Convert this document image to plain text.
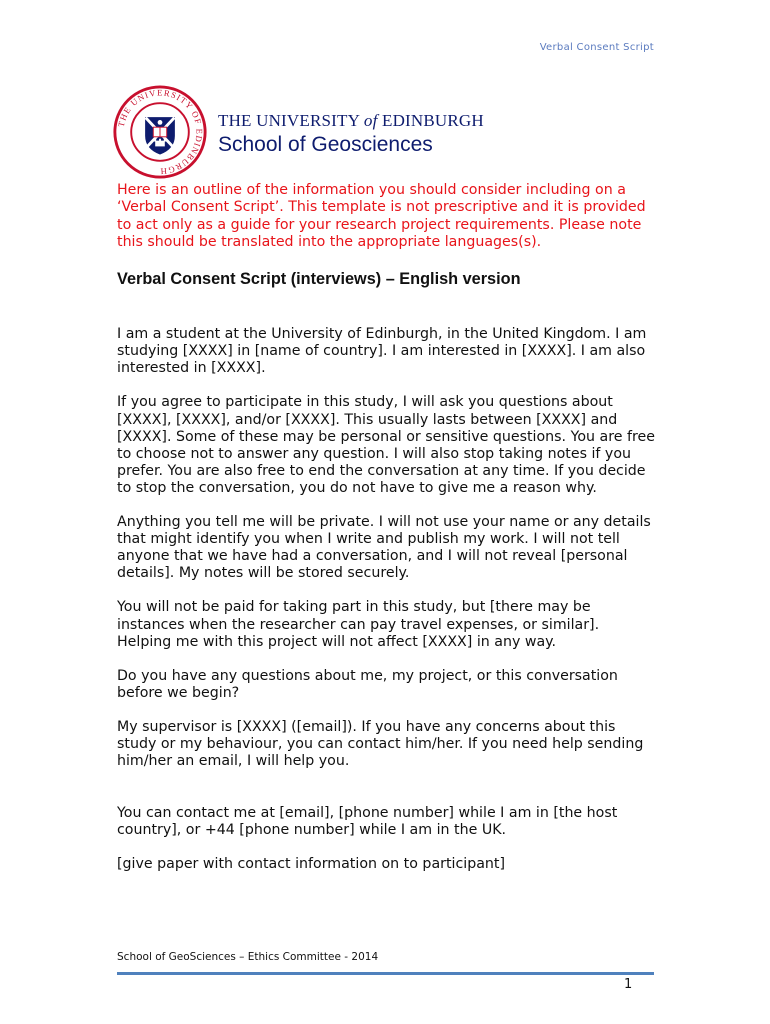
Verbal Consent Script
THE UNIVERSITY OF EDINBURGH
THE UNIVERSITY of EDINBURGH
School of Geosciences

Here is an outline of the information you should consider including on a ‘Verbal Consent Script’. This template is not prescriptive and it is provided to act only as a guide for your research project requirements. Please note this should be translated into the appropriate languages(s).

Verbal Consent Script (interviews) – English version

I am a student at the University of Edinburgh, in the United Kingdom. I am studying [XXXX] in [name of country]. I am interested in [XXXX]. I am also interested in [XXXX].

If you agree to participate in this study, I will ask you questions about [XXXX], [XXXX], and/or [XXXX]. This usually lasts between [XXXX] and [XXXX]. Some of these may be personal or sensitive questions. You are free to choose not to answer any question. I will also stop taking notes if you prefer. You are also free to end the conversation at any time. If you decide to stop the conversation, you do not have to give me a reason why.

Anything you tell me will be private. I will not use your name or any details that might identify you when I write and publish my work. I will not tell anyone that we have had a conversation, and I will not reveal [personal details]. My notes will be stored securely.

You will not be paid for taking part in this study, but [there may be instances when the researcher can pay travel expenses, or similar]. Helping me with this project will not affect [XXXX] in any way.

Do you have any questions about me, my project, or this conversation before we begin?

My supervisor is [XXXX] ([email]). If you have any concerns about this study or my behaviour, you can contact him/her. If you need help sending him/her an email, I will help you.

You can contact me at [email], [phone number] while I am in [the host country], or +44 [phone number] while I am in the UK.

[give paper with contact information on to participant]

School of GeoSciences – Ethics Committee - 2014
1
